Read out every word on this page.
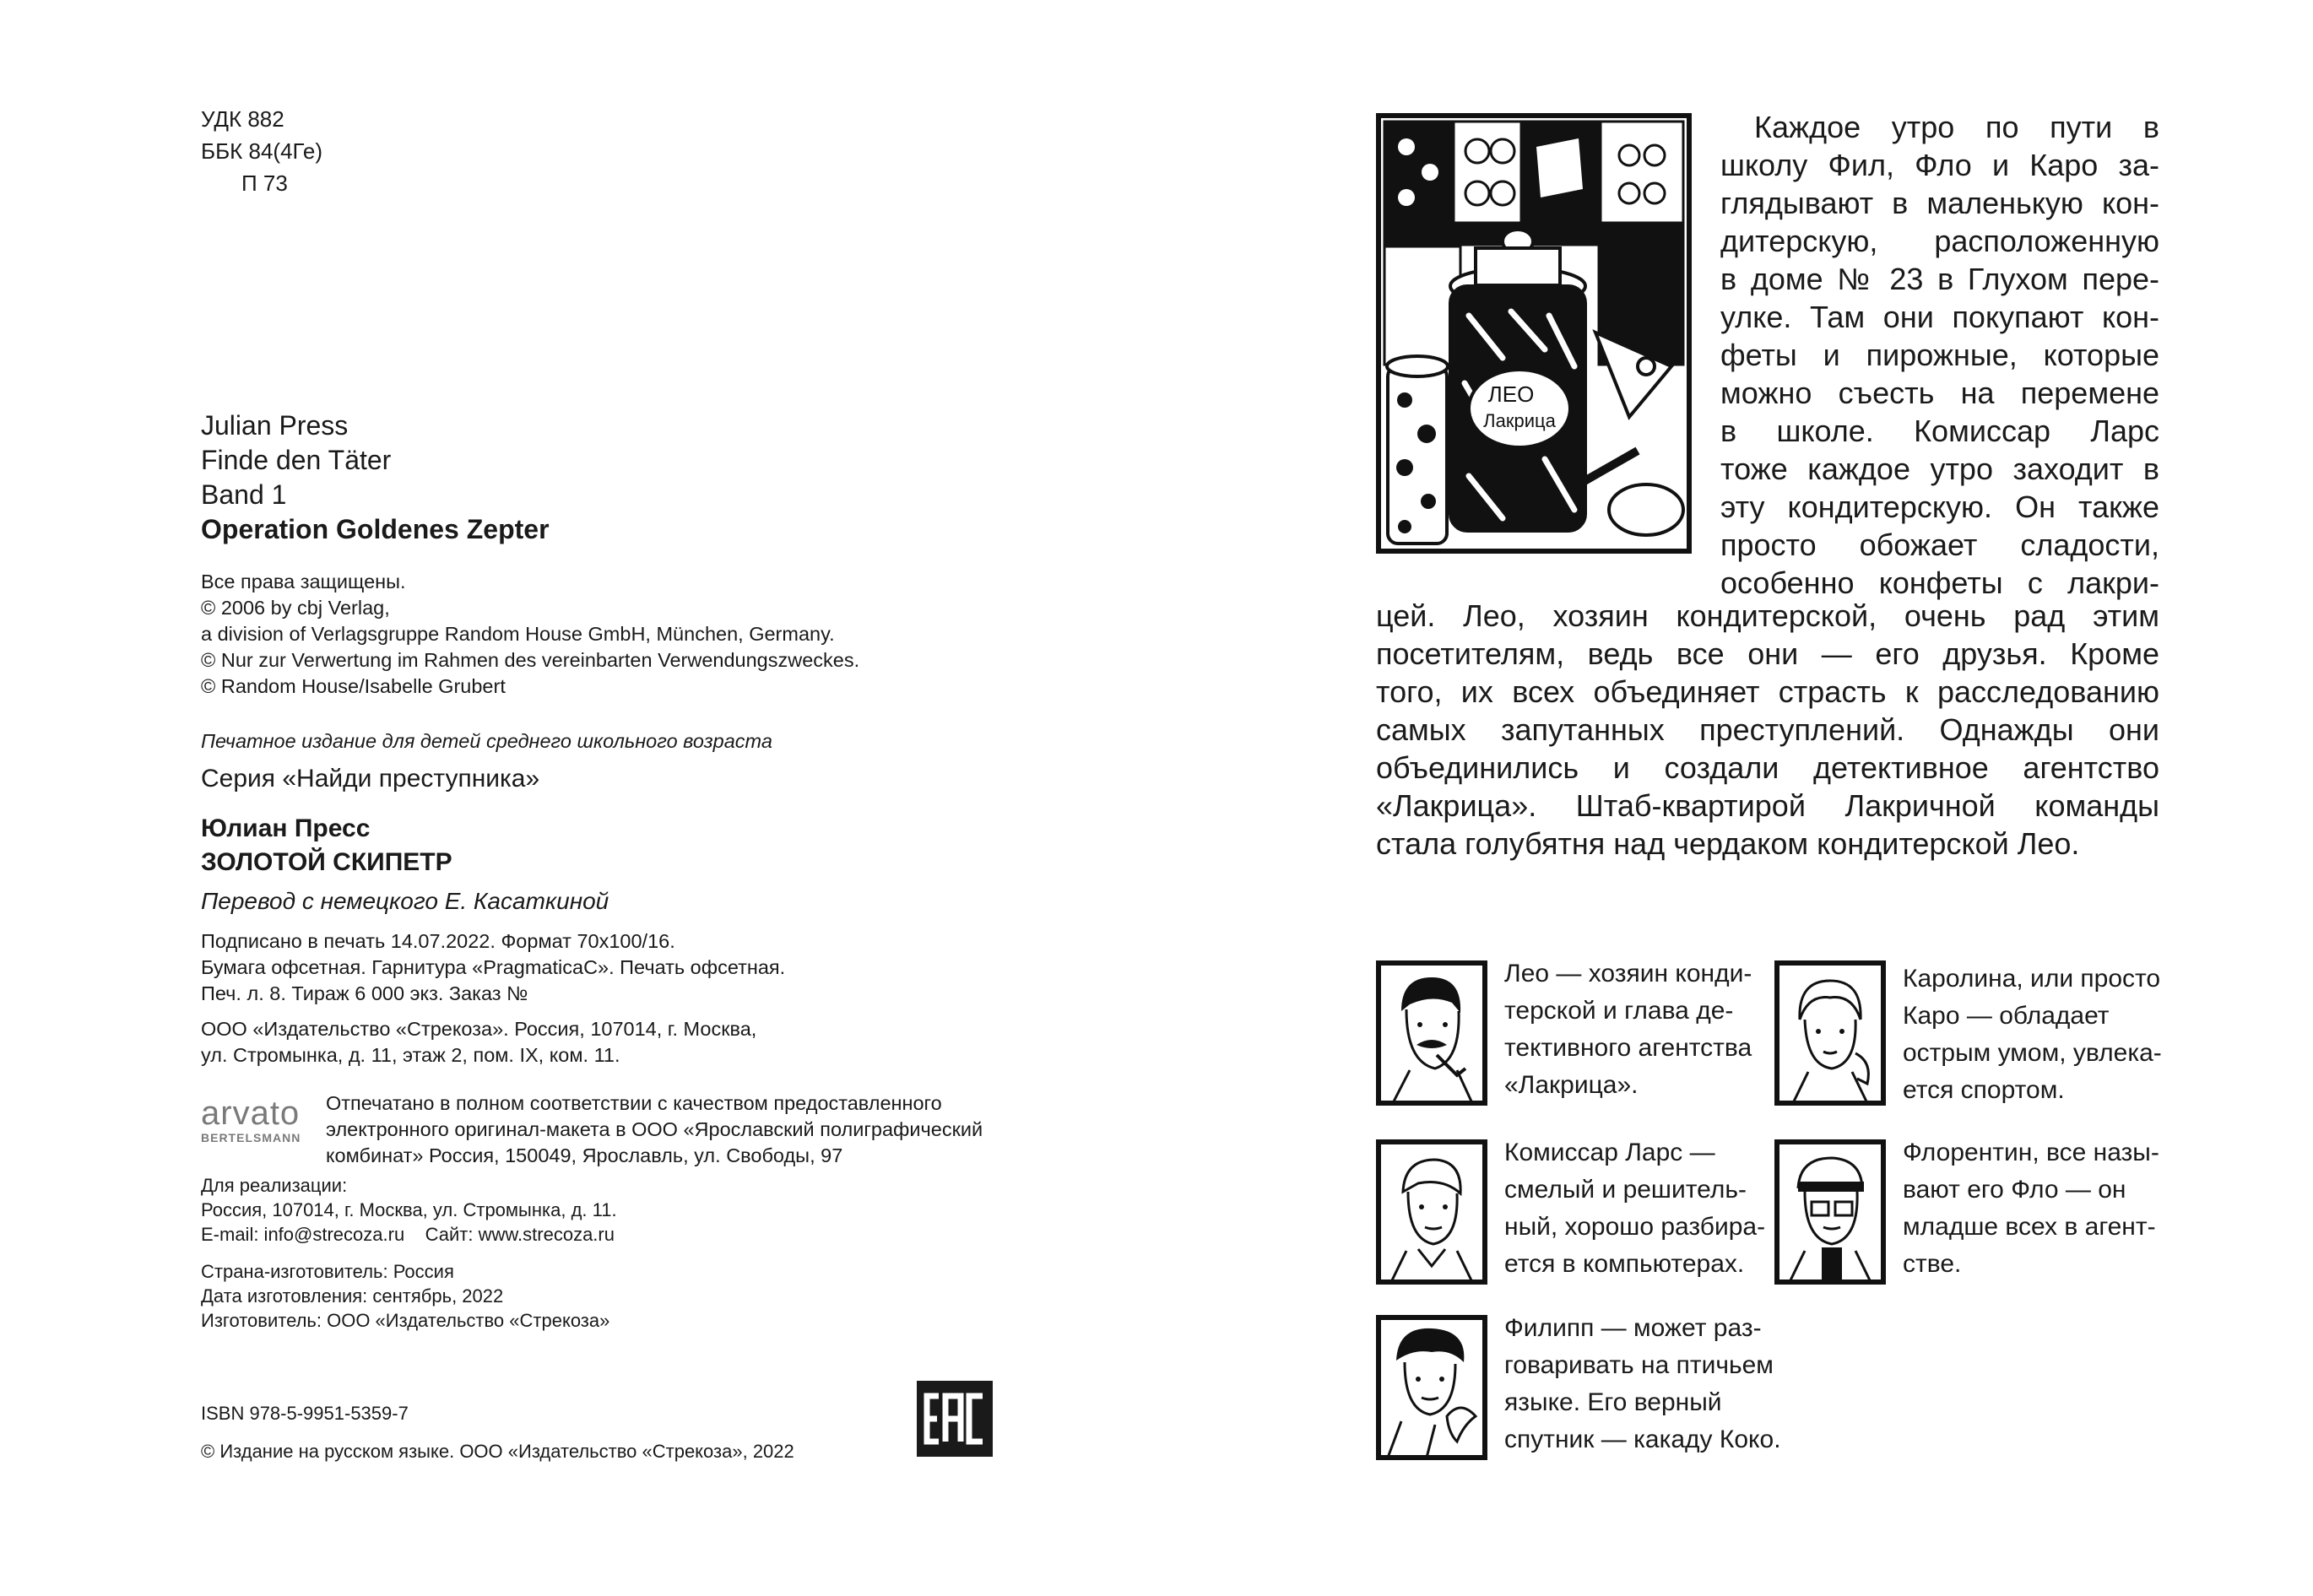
УДК 882

ББК 84(4Ге)

П 73

Julian Press

Finde den Täter

Band 1

Operation Goldenes Zepter

Все права защищены.

© 2006 by cbj Verlag,

a division of Verlagsgruppe Random House GmbH, München, Germany.

© Nur zur Verwertung im Rahmen des vereinbarten Verwendungszweckes.

© Random House/Isabelle Grubert

Печатное издание для детей среднего школьного возраста

Серия «Найди преступника»

Юлиан Пресс

ЗОЛОТОЙ СКИПЕТР

Перевод с немецкого Е. Касаткиной

Подписано в печать 14.07.2022. Формат 70х100/16.

Бумага офсетная. Гарнитура «PragmaticaC». Печать офсетная.

Печ. л. 8. Тираж 6 000 экз. Заказ №

ООО «Издательство «Стрекоза». Россия, 107014, г. Москва,

ул. Стромынка, д. 11, этаж 2, пом. IX, ком. 11.

arvato
BERTELSMANN

Отпечатано в полном соответствии с качеством предоставленного

электронного оригинал-макета в ООО «Ярославский полиграфический

комбинат» Россия, 150049, Ярославль, ул. Свободы, 97

Для реализации:

Россия, 107014, г. Москва, ул. Стромынка, д. 11.

E-mail: info@strecoza.ru    Сайт: www.strecoza.ru

Страна-изготовитель: Россия

Дата изготовления: сентябрь, 2022

Изготовитель: ООО «Издательство «Стрекоза»

ISBN 978-5-9951-5359-7

© Издание на русском языке. ООО «Издательство «Стрекоза», 2022

ЛЕО
Лакрица
Каждое утро по пути в
школу Фил, Фло и Каро за-
глядывают в маленькую кон-
дитерскую, расположенную
в доме № 23 в Глухом пере-
улке. Там они покупают кон-
феты и пирожные, которые
можно съесть на перемене
в школе. Комиссар Ларс
тоже каждое утро заходит в
эту кондитерскую. Он также
просто обожает сладости,
особенно конфеты с лакри-
цей. Лео, хозяин кондитерской, очень рад этим
посетителям, ведь все они — его друзья. Кроме
того, их всех объединяет страсть к расследованию
самых запутанных преступлений. Однажды они
объединились и создали детективное агентство
«Лакрица». Штаб-квартирой Лакричной команды
стала голубятня над чердаком кондитерской Лео.

Лео — хозяин конди-

терской и глава де-

тективного агентства

«Лакрица».

Каролина, или просто

Каро — обладает

острым умом, увлека-

ется спортом.

Комиссар Ларс —

смелый и решитель-

ный, хорошо разбира-

ется в компьютерах.

Флорентин, все назы-

вают его Фло — он

младше всех в агент-

стве.

Филипп — может раз-

говаривать на птичьем

языке. Его верный

спутник — какаду Коко.
